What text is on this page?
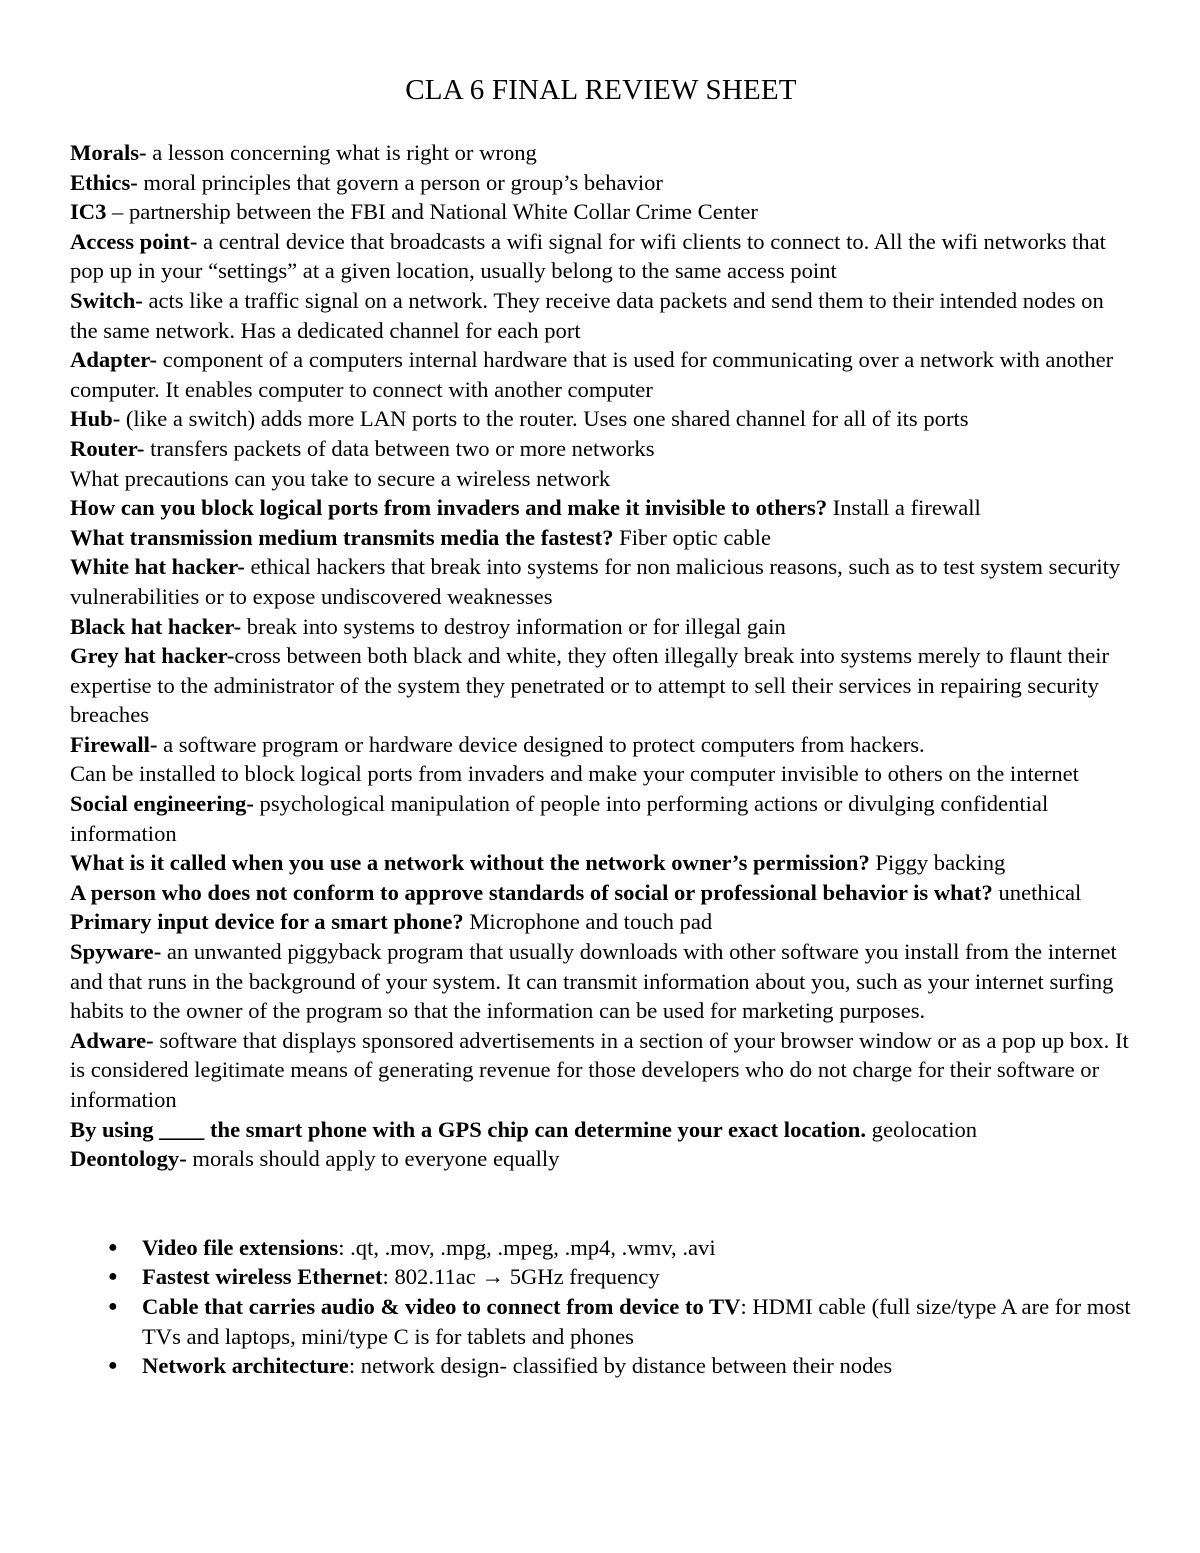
CLA 6 FINAL REVIEW SHEET

Morals- a lesson concerning what is right or wrong

Ethics- moral principles that govern a person or group’s behavior

IC3 – partnership between the FBI and National White Collar Crime Center

Access point- a central device that broadcasts a wifi signal for wifi clients to connect to. All the wifi networks that pop up in your “settings” at a given location, usually belong to the same access point

Switch- acts like a traffic signal on a network. They receive data packets and send them to their intended nodes on the same network. Has a dedicated channel for each port

Adapter- component of a computers internal hardware that is used for communicating over a network with another computer. It enables computer to connect with another computer

Hub- (like a switch) adds more LAN ports to the router. Uses one shared channel for all of its ports

Router- transfers packets of data between two or more networks

What precautions can you take to secure a wireless network

How can you block logical ports from invaders and make it invisible to others? Install a firewall

What transmission medium transmits media the fastest? Fiber optic cable

White hat hacker- ethical hackers that break into systems for non malicious reasons, such as to test system security vulnerabilities or to expose undiscovered weaknesses

Black hat hacker- break into systems to destroy information or for illegal gain

Grey hat hacker-cross between both black and white, they often illegally break into systems merely to flaunt their expertise to the administrator of the system they penetrated or to attempt to sell their services in repairing security breaches

Firewall- a software program or hardware device designed to protect computers from hackers.

Can be installed to block logical ports from invaders and make your computer invisible to others on the internet

Social engineering- psychological manipulation of people into performing actions or divulging confidential information

What is it called when you use a network without the network owner’s permission? Piggy backing

A person who does not conform to approve standards of social or professional behavior is what? unethical

Primary input device for a smart phone? Microphone and touch pad

Spyware- an unwanted piggyback program that usually downloads with other software you install from the internet and that runs in the background of your system. It can transmit information about you, such as your internet surfing habits to the owner of the program so that the information can be used for marketing purposes.

Adware- software that displays sponsored advertisements in a section of your browser window or as a pop up box. It is considered legitimate means of generating revenue for those developers who do not charge for their software or information

By using ____ the smart phone with a GPS chip can determine your exact location. geolocation

Deontology- morals should apply to everyone equally

● Video file extensions: .qt, .mov, .mpg, .mpeg, .mp4, .wmv, .avi
● Fastest wireless Ethernet: 802.11ac → 5GHz frequency
● Cable that carries audio & video to connect from device to TV: HDMI cable (full size/type A are for most TVs and laptops, mini/type C is for tablets and phones
● Network architecture: network design- classified by distance between their nodes
